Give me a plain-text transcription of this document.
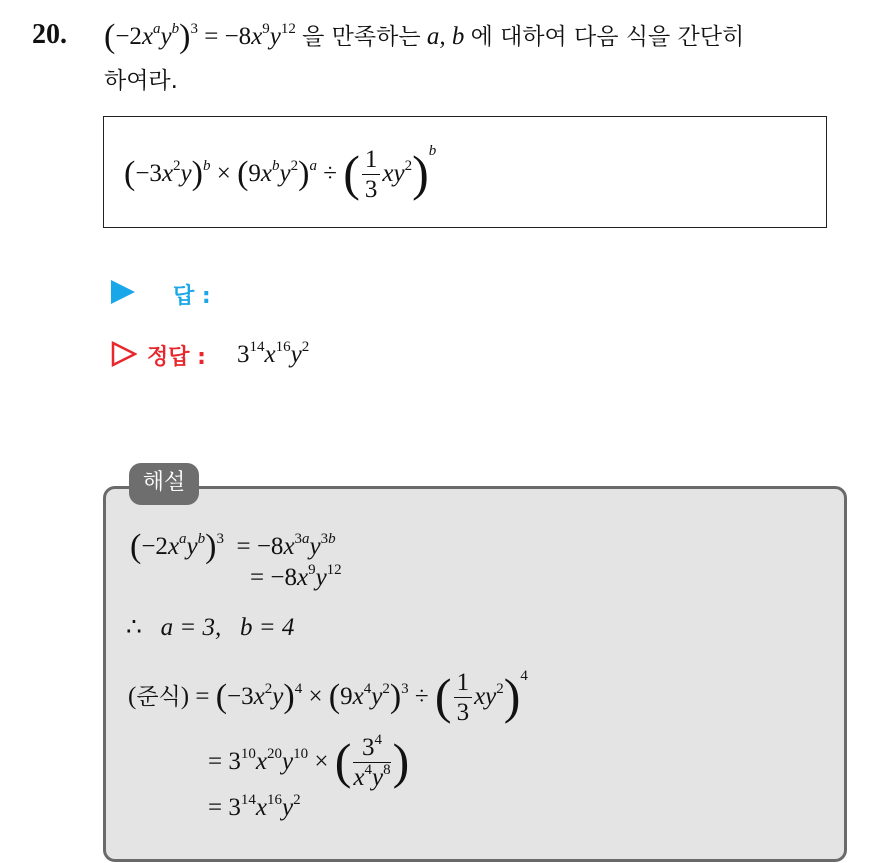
20. $(-2x^ay^b)^3 = -8x^9y^{12}$ 을 만족하는 a, b 에 대하여 다음 식을 간단히
하여라.
$(-3x^2y)^b \times (9x^by^2)^a$ ÷ ( $\frac{1}{3} xy^2)^b$
답 :
정답 : $3^{14}x^{16}y^2$
해설
$(-2x^ay^b)^3 = -8x^{3a}y^{3b}$
= $-8x^9y^{12}$
∴ a = 3,   b = 4
(준식) = $(-3x^2y)^4 \times (9x^4y^2)^3$ ÷ ( $\frac{1}{3} xy^2)^4$
= $3^{10}x^{20}y^{10}$ × ( $\frac{3^4}{x^4y^8}$ )
= $3^{14}x^{16}y^2$
